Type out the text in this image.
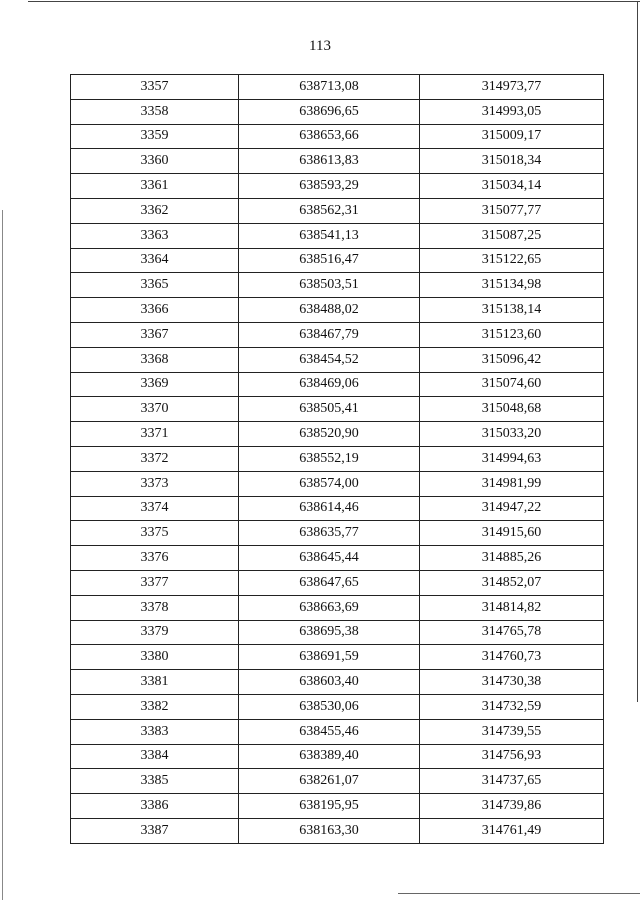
113
3357	638713,08	314973,77
3358	638696,65	314993,05
3359	638653,66	315009,17
3360	638613,83	315018,34
3361	638593,29	315034,14
3362	638562,31	315077,77
3363	638541,13	315087,25
3364	638516,47	315122,65
3365	638503,51	315134,98
3366	638488,02	315138,14
3367	638467,79	315123,60
3368	638454,52	315096,42
3369	638469,06	315074,60
3370	638505,41	315048,68
3371	638520,90	315033,20
3372	638552,19	314994,63
3373	638574,00	314981,99
3374	638614,46	314947,22
3375	638635,77	314915,60
3376	638645,44	314885,26
3377	638647,65	314852,07
3378	638663,69	314814,82
3379	638695,38	314765,78
3380	638691,59	314760,73
3381	638603,40	314730,38
3382	638530,06	314732,59
3383	638455,46	314739,55
3384	638389,40	314756,93
3385	638261,07	314737,65
3386	638195,95	314739,86
3387	638163,30	314761,49
